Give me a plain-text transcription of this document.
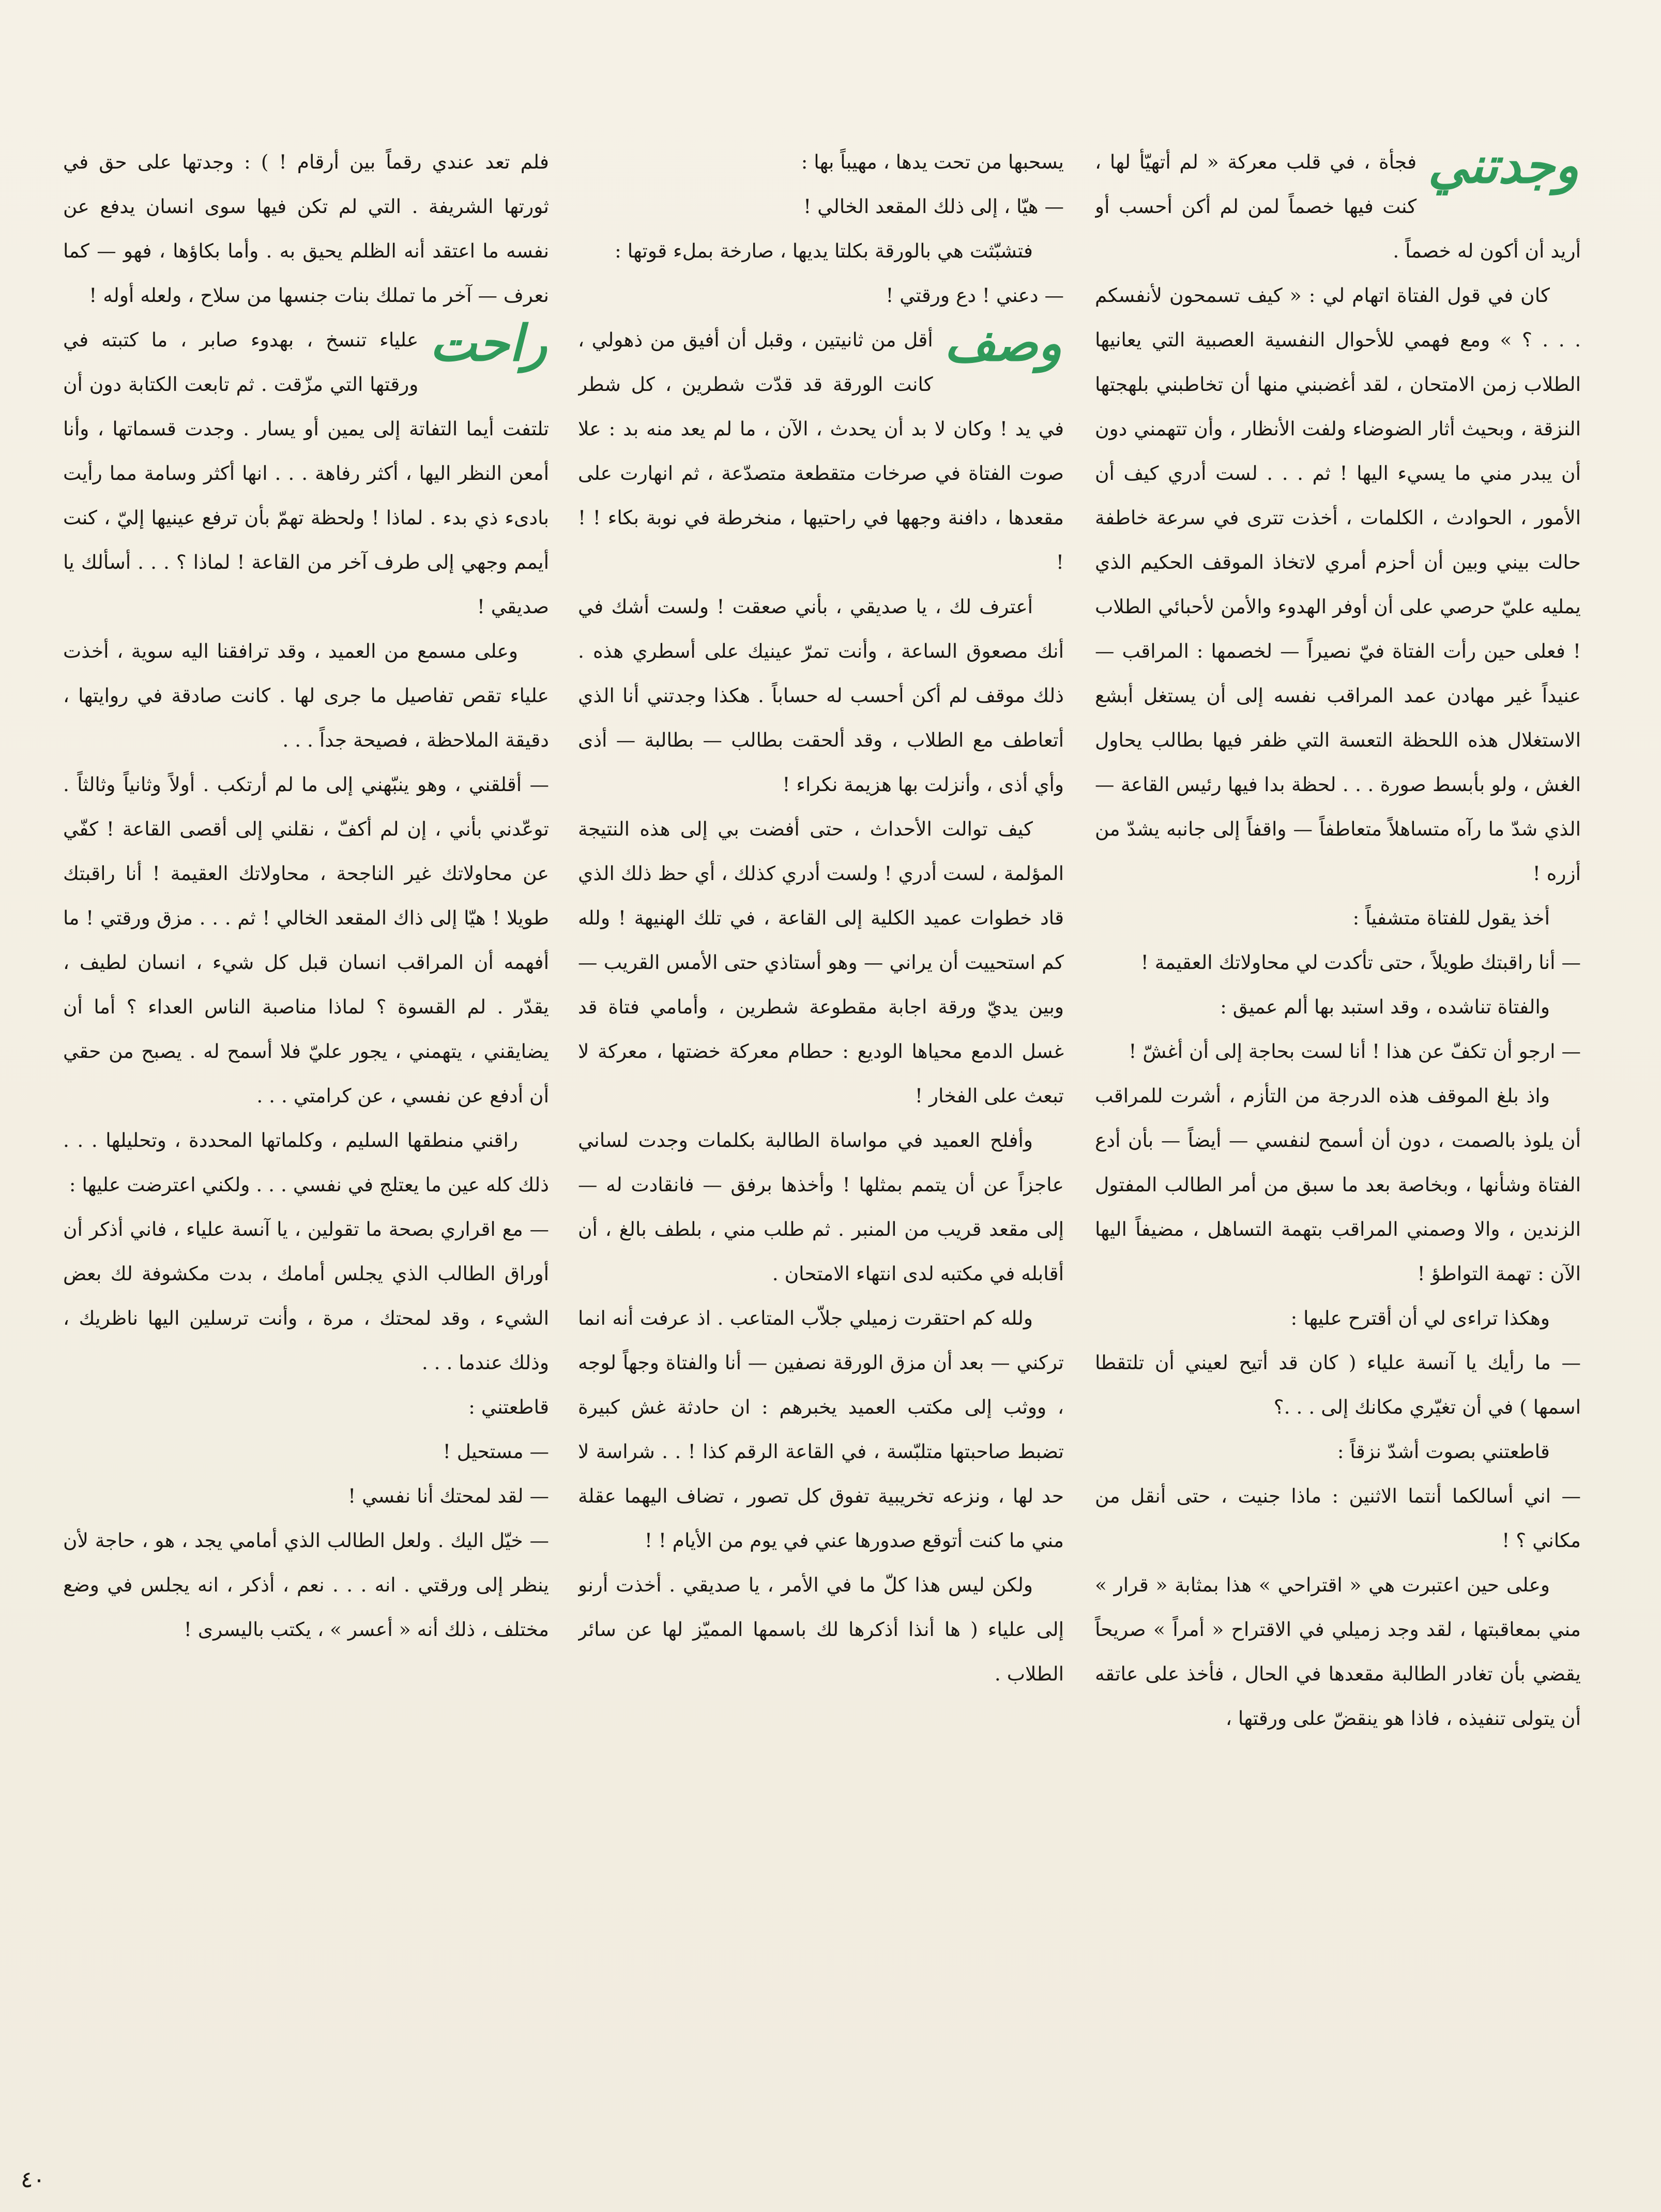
وجدتني

فجأة ، في قلب معركة « لم أتهيّأ لها ، كنت فيها خصماً لمن لم أكن أحسب أو أريد أن أكون له خصماً .

كان في قول الفتاة اتهام لي : « كيف تسمحون لأنفسكم . . . ؟ » ومع فهمي للأحوال النفسية العصبية التي يعانيها الطلاب زمن الامتحان ، لقد أغضبني منها أن تخاطبني بلهجتها النزقة ، وبحيث أثار الضوضاء ولفت الأنظار ، وأن تتهمني دون أن يبدر مني ما يسيء اليها ! ثم . . . لست أدري كيف أن الأمور ، الحوادث ، الكلمات ، أخذت تترى في سرعة خاطفة حالت بيني وبين أن أحزم أمري لاتخاذ الموقف الحكيم الذي يمليه عليّ حرصي على أن أوفر الهدوء والأمن لأحبائي الطلاب ! فعلى حين رأت الفتاة فيّ نصيراً — لخصمها : المراقب — عنيداً غير مهادن عمد المراقب نفسه إلى أن يستغل أبشع الاستغلال هذه اللحظة التعسة التي ظفر فيها بطالب يحاول الغش ، ولو بأبسط صورة . . . لحظة بدا فيها رئيس القاعة — الذي شدّ ما رآه متساهلاً متعاطفاً — واقفاً إلى جانبه يشدّ من أزره !

أخذ يقول للفتاة متشفياً :

— أنا راقبتك طويلاً ، حتى تأكدت لي محاولاتك العقيمة !

والفتاة تناشده ، وقد استبد بها ألم عميق :

— ارجو أن تكفّ عن هذا ! أنا لست بحاجة إلى أن أغشّ !

واذ بلغ الموقف هذه الدرجة من التأزم ، أشرت للمراقب أن يلوذ بالصمت ، دون أن أسمح لنفسي — أيضاً — بأن أدع الفتاة وشأنها ، وبخاصة بعد ما سبق من أمر الطالب المفتول الزندين ، والا وصمني المراقب بتهمة التساهل ، مضيفاً اليها الآن : تهمة التواطؤ !

وهكذا تراءى لي أن أقترح عليها :

— ما رأيك يا آنسة علياء ( كان قد أتيح لعيني أن تلتقطا اسمها ) في أن تغيّري مكانك إلى . . .؟

قاطعتني بصوت أشدّ نزقاً :

— اني أسالكما أنتما الاثنين : ماذا جنيت ، حتى أنقل من مكاني ؟ !

وعلى حين اعتبرت هي « اقتراحي » هذا بمثابة « قرار » مني بمعاقبتها ، لقد وجد زميلي في الاقتراح « أمراً » صريحاً يقضي بأن تغادر الطالبة مقعدها في الحال ، فأخذ على عاتقه أن يتولى تنفيذه ، فاذا هو ينقضّ على ورقتها ،

يسحبها من تحت يدها ، مهيباً بها :

— هيّا ، إلى ذلك المقعد الخالي !

فتشبّثت هي بالورقة بكلتا يديها ، صارخة بملء قوتها :

— دعني ! دع ورقتي !

وصف

أقل من ثانيتين ، وقبل أن أفيق من ذهولي ، كانت الورقة قد قدّت شطرين ، كل شطر في يد ! وكان لا بد أن يحدث ، الآن ، ما لم يعد منه بد : علا صوت الفتاة في صرخات متقطعة متصدّعة ، ثم انهارت على مقعدها ، دافنة وجهها في راحتيها ، منخرطة في نوبة بكاء ! ! !

أعترف لك ، يا صديقي ، بأني صعقت ! ولست أشك في أنك مصعوق الساعة ، وأنت تمرّ عينيك على أسطري هذه . ذلك موقف لم أكن أحسب له حساباً . هكذا وجدتني أنا الذي أتعاطف مع الطلاب ، وقد ألحقت بطالب — بطالبة — أذى وأي أذى ، وأنزلت بها هزيمة نكراء !

كيف توالت الأحداث ، حتى أفضت بي إلى هذه النتيجة المؤلمة ، لست أدري ! ولست أدري كذلك ، أي حظ ذلك الذي قاد خطوات عميد الكلية إلى القاعة ، في تلك الهنيهة ! ولله كم استحييت أن يراني — وهو أستاذي حتى الأمس القريب — وبين يديّ ورقة اجابة مقطوعة شطرين ، وأمامي فتاة قد غسل الدمع محياها الوديع : حطام معركة خضتها ، معركة لا تبعث على الفخار !

وأفلح العميد في مواساة الطالبة بكلمات وجدت لساني عاجزاً عن أن يتمم بمثلها ! وأخذها برفق — فانقادت له — إلى مقعد قريب من المنبر . ثم طلب مني ، بلطف بالغ ، أن أقابله في مكتبه لدى انتهاء الامتحان .

ولله كم احتقرت زميلي جلاّب المتاعب . اذ عرفت أنه انما تركني — بعد أن مزق الورقة نصفين — أنا والفتاة وجهاً لوجه ، ووثب إلى مكتب العميد يخبرهم : ان حادثة غش كبيرة تضبط صاحبتها متلبّسة ، في القاعة الرقم كذا ! . . شراسة لا حد لها ، ونزعه تخريبية تفوق كل تصور ، تضاف اليهما عقلة مني ما كنت أتوقع صدورها عني في يوم من الأيام ! !

ولكن ليس هذا كلّ ما في الأمر ، يا صديقي . أخذت أرنو إلى علياء ( ها أنذا أذكرها لك باسمها المميّز لها عن سائر الطلاب .

فلم تعد عندي رقماً بين أرقام ! ) : وجدتها على حق في ثورتها الشريفة . التي لم تكن فيها سوى انسان يدفع عن نفسه ما اعتقد أنه الظلم يحيق به . وأما بكاؤها ، فهو — كما نعرف — آخر ما تملك بنات جنسها من سلاح ، ولعله أوله !

راحت

علياء تنسخ ، بهدوء صابر ، ما كتبته في ورقتها التي مزّقت . ثم تابعت الكتابة دون أن تلتفت أيما التفاتة إلى يمين أو يسار . وجدت قسماتها ، وأنا أمعن النظر اليها ، أكثر رفاهة . . . انها أكثر وسامة مما رأيت بادىء ذي بدء . لماذا ! ولحظة تهمّ بأن ترفع عينيها إليّ ، كنت أيمم وجهي إلى طرف آخر من القاعة ! لماذا ؟ . . . أسألك يا صديقي !

وعلى مسمع من العميد ، وقد ترافقنا اليه سوية ، أخذت علياء تقص تفاصيل ما جرى لها . كانت صادقة في روايتها ، دقيقة الملاحظة ، فصيحة جداً . . .

— أقلقني ، وهو ينبّهني إلى ما لم أرتكب . أولاً وثانياً وثالثاً . توعّدني بأني ، إن لم أكفّ ، نقلني إلى أقصى القاعة ! كفّي عن محاولاتك غير الناجحة ، محاولاتك العقيمة ! أنا راقبتك طويلا ! هيّا إلى ذاك المقعد الخالي ! ثم . . . مزق ورقتي ! ما أفهمه أن المراقب انسان قبل كل شيء ، انسان لطيف ، يقدّر . لم القسوة ؟ لماذا مناصبة الناس العداء ؟ أما أن يضايقني ، يتهمني ، يجور عليّ فلا أسمح له . يصبح من حقي أن أدفع عن نفسي ، عن كرامتي . . .

راقني منطقها السليم ، وكلماتها المحددة ، وتحليلها . . . ذلك كله عين ما يعتلج في نفسي . . . ولكني اعترضت عليها :

— مع اقراري بصحة ما تقولين ، يا آنسة علياء ، فاني أذكر أن أوراق الطالب الذي يجلس أمامك ، بدت مكشوفة لك بعض الشيء ، وقد لمحتك ، مرة ، وأنت ترسلين اليها ناظريك ، وذلك عندما . . .

قاطعتني :

— مستحيل !

— لقد لمحتك أنا نفسي !

— خيّل اليك . ولعل الطالب الذي أمامي يجد ، هو ، حاجة لأن ينظر إلى ورقتي . انه . . . نعم ، أذكر ، انه يجلس في وضع مختلف ، ذلك أنه « أعسر » ، يكتب باليسرى !

٤٠
